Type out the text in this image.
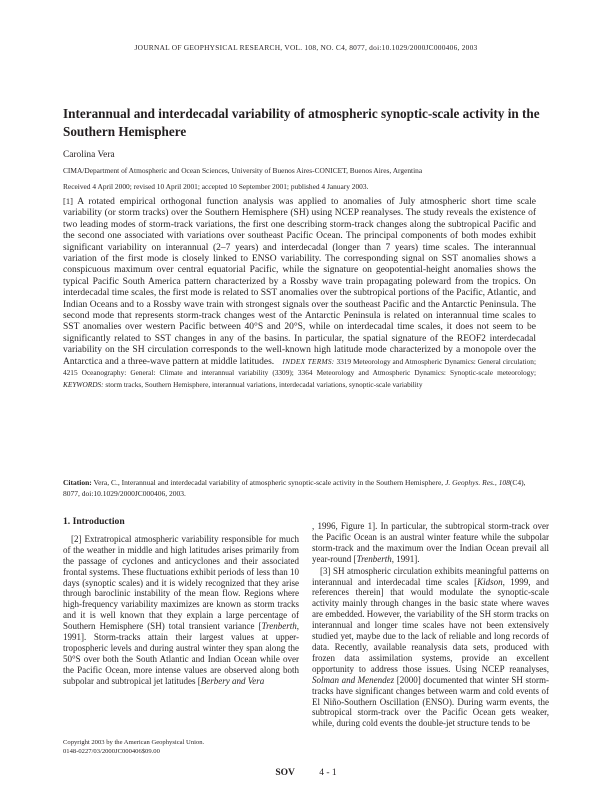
JOURNAL OF GEOPHYSICAL RESEARCH, VOL. 108, NO. C4, 8077, doi:10.1029/2000JC000406, 2003
Interannual and interdecadal variability of atmospheric synoptic-scale activity in the Southern Hemisphere
Carolina Vera
CIMA/Department of Atmospheric and Ocean Sciences, University of Buenos Aires-CONICET, Buenos Aires, Argentina
Received 4 April 2000; revised 10 April 2001; accepted 10 September 2001; published 4 January 2003.
[1] A rotated empirical orthogonal function analysis was applied to anomalies of July atmospheric short time scale variability (or storm tracks) over the Southern Hemisphere (SH) using NCEP reanalyses. The study reveals the existence of two leading modes of storm-track variations, the first one describing storm-track changes along the subtropical Pacific and the second one associated with variations over southeast Pacific Ocean. The principal components of both modes exhibit significant variability on interannual (2–7 years) and interdecadal (longer than 7 years) time scales. The interannual variation of the first mode is closely linked to ENSO variability. The corresponding signal on SST anomalies shows a conspicuous maximum over central equatorial Pacific, while the signature on geopotential-height anomalies shows the typical Pacific South America pattern characterized by a Rossby wave train propagating poleward from the tropics. On interdecadal time scales, the first mode is related to SST anomalies over the subtropical portions of the Pacific, Atlantic, and Indian Oceans and to a Rossby wave train with strongest signals over the southeast Pacific and the Antarctic Peninsula. The second mode that represents storm-track changes west of the Antarctic Peninsula is related on interannual time scales to SST anomalies over western Pacific between 40°S and 20°S, while on interdecadal time scales, it does not seem to be significantly related to SST changes in any of the basins. In particular, the spatial signature of the REOF2 interdecadal variability on the SH circulation corresponds to the well-known high latitude mode characterized by a monopole over the Antarctica and a three-wave pattern at middle latitudes. INDEX TERMS: 3319 Meteorology and Atmospheric Dynamics: General circulation; 4215 Oceanography: General: Climate and interannual variability (3309); 3364 Meteorology and Atmospheric Dynamics: Synoptic-scale meteorology; KEYWORDS: storm tracks, Southern Hemisphere, interannual variations, interdecadal variations, synoptic-scale variability
Citation: Vera, C., Interannual and interdecadal variability of atmospheric synoptic-scale activity in the Southern Hemisphere, J. Geophys. Res., 108(C4), 8077, doi:10.1029/2000JC000406, 2003.
1. Introduction

[2] Extratropical atmospheric variability responsible for much of the weather in middle and high latitudes arises primarily from the passage of cyclones and anticyclones and their associated frontal systems. These fluctuations exhibit periods of less than 10 days (synoptic scales) and it is widely recognized that they arise through baroclinic instability of the mean flow. Regions where high-frequency variability maximizes are known as storm tracks and it is well known that they explain a large percentage of Southern Hemisphere (SH) total transient variance [Trenberth, 1991]. Storm-tracks attain their largest values at upper-tropospheric levels and during austral winter they span along the 50°S over both the South Atlantic and Indian Ocean while over the Pacific Ocean, more intense values are observed along both subpolar and subtropical jet latitudes [Berbery and Vera

, 1996, Figure 1]. In particular, the subtropical storm-track over the Pacific Ocean is an austral winter feature while the subpolar storm-track and the maximum over the Indian Ocean prevail all year-round [Trenberth, 1991].

[3] SH atmospheric circulation exhibits meaningful patterns on interannual and interdecadal time scales [Kidson, 1999, and references therein] that would modulate the synoptic-scale activity mainly through changes in the basic state where waves are embedded. However, the variability of the SH storm tracks on interannual and longer time scales have not been extensively studied yet, maybe due to the lack of reliable and long records of data. Recently, available reanalysis data sets, produced with frozen data assimilation systems, provide an excellent opportunity to address those issues. Using NCEP reanalyses, Solman and Menendez [2000] documented that winter SH storm-tracks have significant changes between warm and cold events of El Niño-Southern Oscillation (ENSO). During warm events, the subtropical storm-track over the Pacific Ocean gets weaker, while, during cold events the double-jet structure tends to be

Copyright 2003 by the American Geophysical Union.
0148-0227/03/2000JC000406$09.00
SOV	4 - 1
